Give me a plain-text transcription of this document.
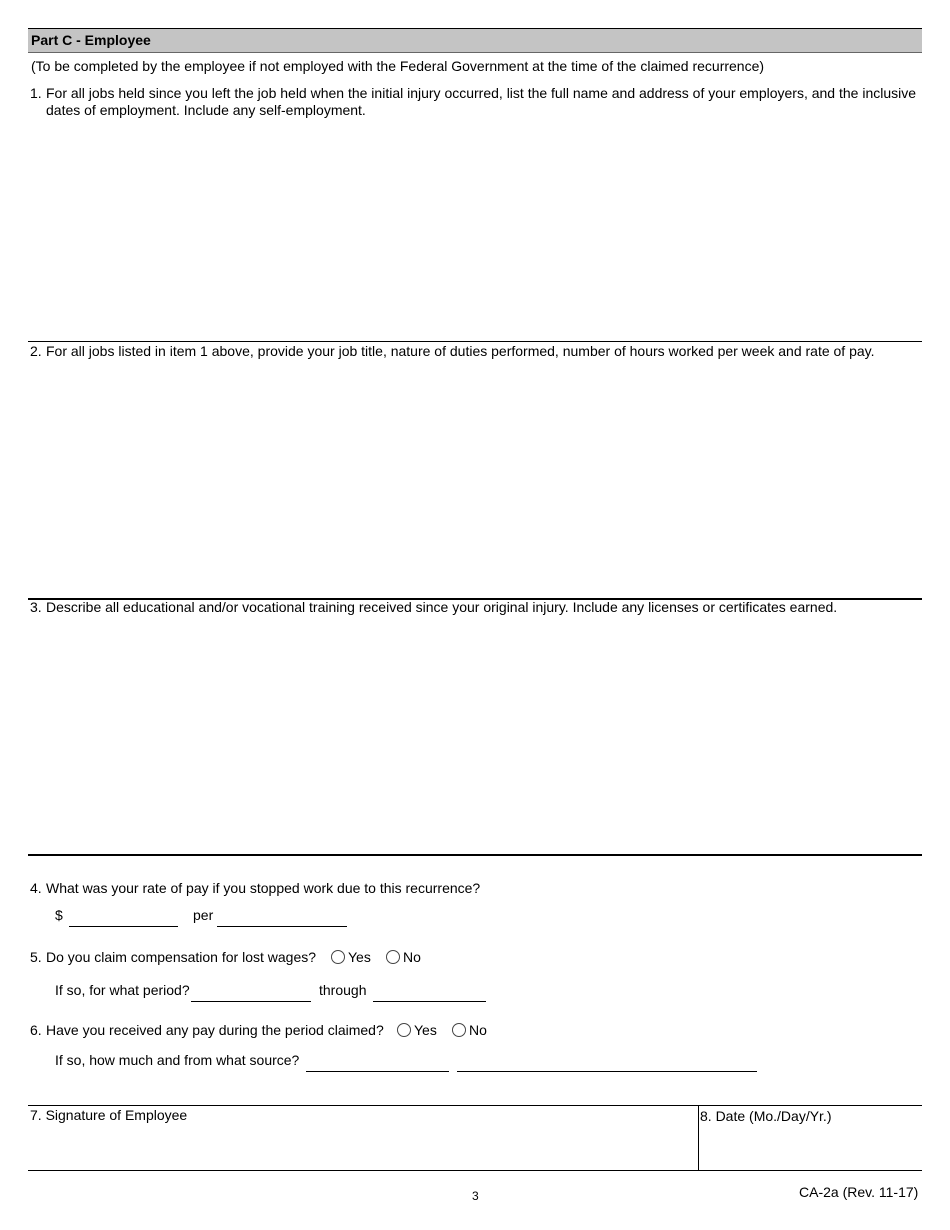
Part C - Employee
(To be completed by the employee if not employed with the Federal Government at the time of the claimed recurrence)
1. For all jobs held since you left the job held when the initial injury occurred, list the full name and address of your employers, and the inclusive
dates of employment. Include any self-employment.
2. For all jobs listed in item 1 above, provide your job title, nature of duties performed, number of hours worked per week and rate of pay.
3. Describe all educational and/or vocational training received since your original injury. Include any licenses or certificates earned.
4. What was your rate of pay if you stopped work due to this recurrence?
$	per
5. Do you claim compensation for lost wages? Yes No
If so, for what period?	through
6. Have you received any pay during the period claimed? Yes No
If so, how much and from what source?
7. Signature of Employee	8. Date (Mo./Day/Yr.)
3	CA-2a (Rev. 11-17)
